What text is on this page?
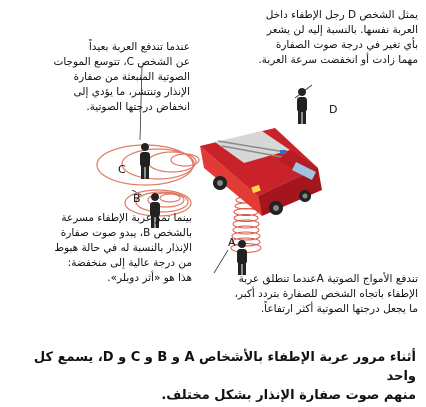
D
C
B
A
يمثل الشخص D رجل الإطفاء داخل
العربة نفسها. بالنسبة إليه لن يشعر
بأي تغير في درجة صوت الصفارة
مهما زادت أو انخفضت سرعة العربة.
عندما تندفع العربة بعيداً
عن الشخص C، تتوسع الموجات
الصوتية المنبعثة من صفارة
الإنذار وتنتشر، ما يؤدي إلى
انخفاض درجتها الصوتية.
بينما تمر عربة الإطفاء مسرعة
بالشخص B، يبدو صوت صفارة
الإنذار بالنسبة له في حالة هبوط
من درجة عالية إلى منخفضة:
هذا هو «أثر دوبلر».	تندفع الأمواج الصوتية Aعندما تنطلق عربة
الإطفاء باتجاه الشخص للصفارة بتردد أكبر،
ما يجعل درجتها الصوتية أكثر ارتفاعاً.
أثناء مرور عربة الإطفاء بالأشخاص A و B و C و D، يسمع كل واحد
منهم صوت صفارة الإنذار بشكل مختلف.
